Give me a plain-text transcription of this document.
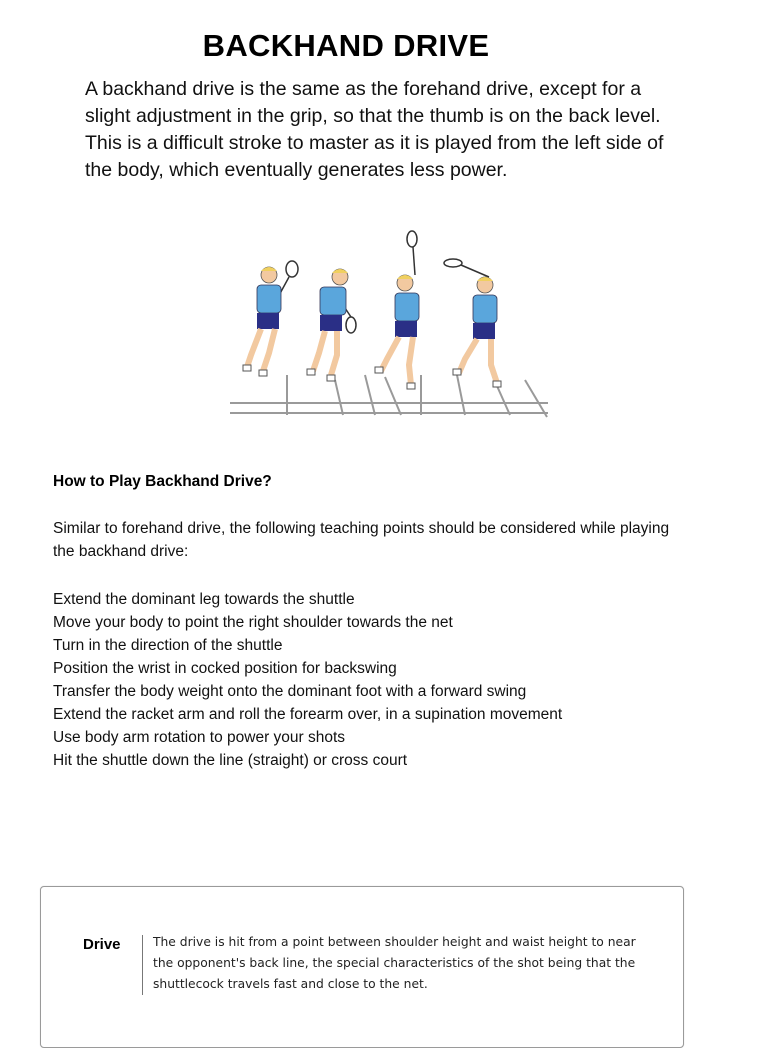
BACKHAND DRIVE
A backhand drive is the same as the forehand drive, except for a slight adjustment in the grip, so that the thumb is on the back level. This is a difficult stroke to master as it is played from the left side of the body, which eventually generates less power.
How to Play Backhand Drive?
Similar to forehand drive, the following teaching points should be considered while playing the backhand drive:
Extend the dominant leg towards the shuttle
Move your body to point the right shoulder towards the net
Turn in the direction of the shuttle
Position the wrist in cocked position for backswing
Transfer the body weight onto the dominant foot with a forward swing
Extend the racket arm and roll the forearm over, in a supination movement
Use body arm rotation to power your shots
Hit the shuttle down the line (straight) or cross court
Drive	The drive is hit from a point between shoulder height and waist height to near the opponent's back line, the special characteristics of the shot being that the shuttlecock travels fast and close to the net.
